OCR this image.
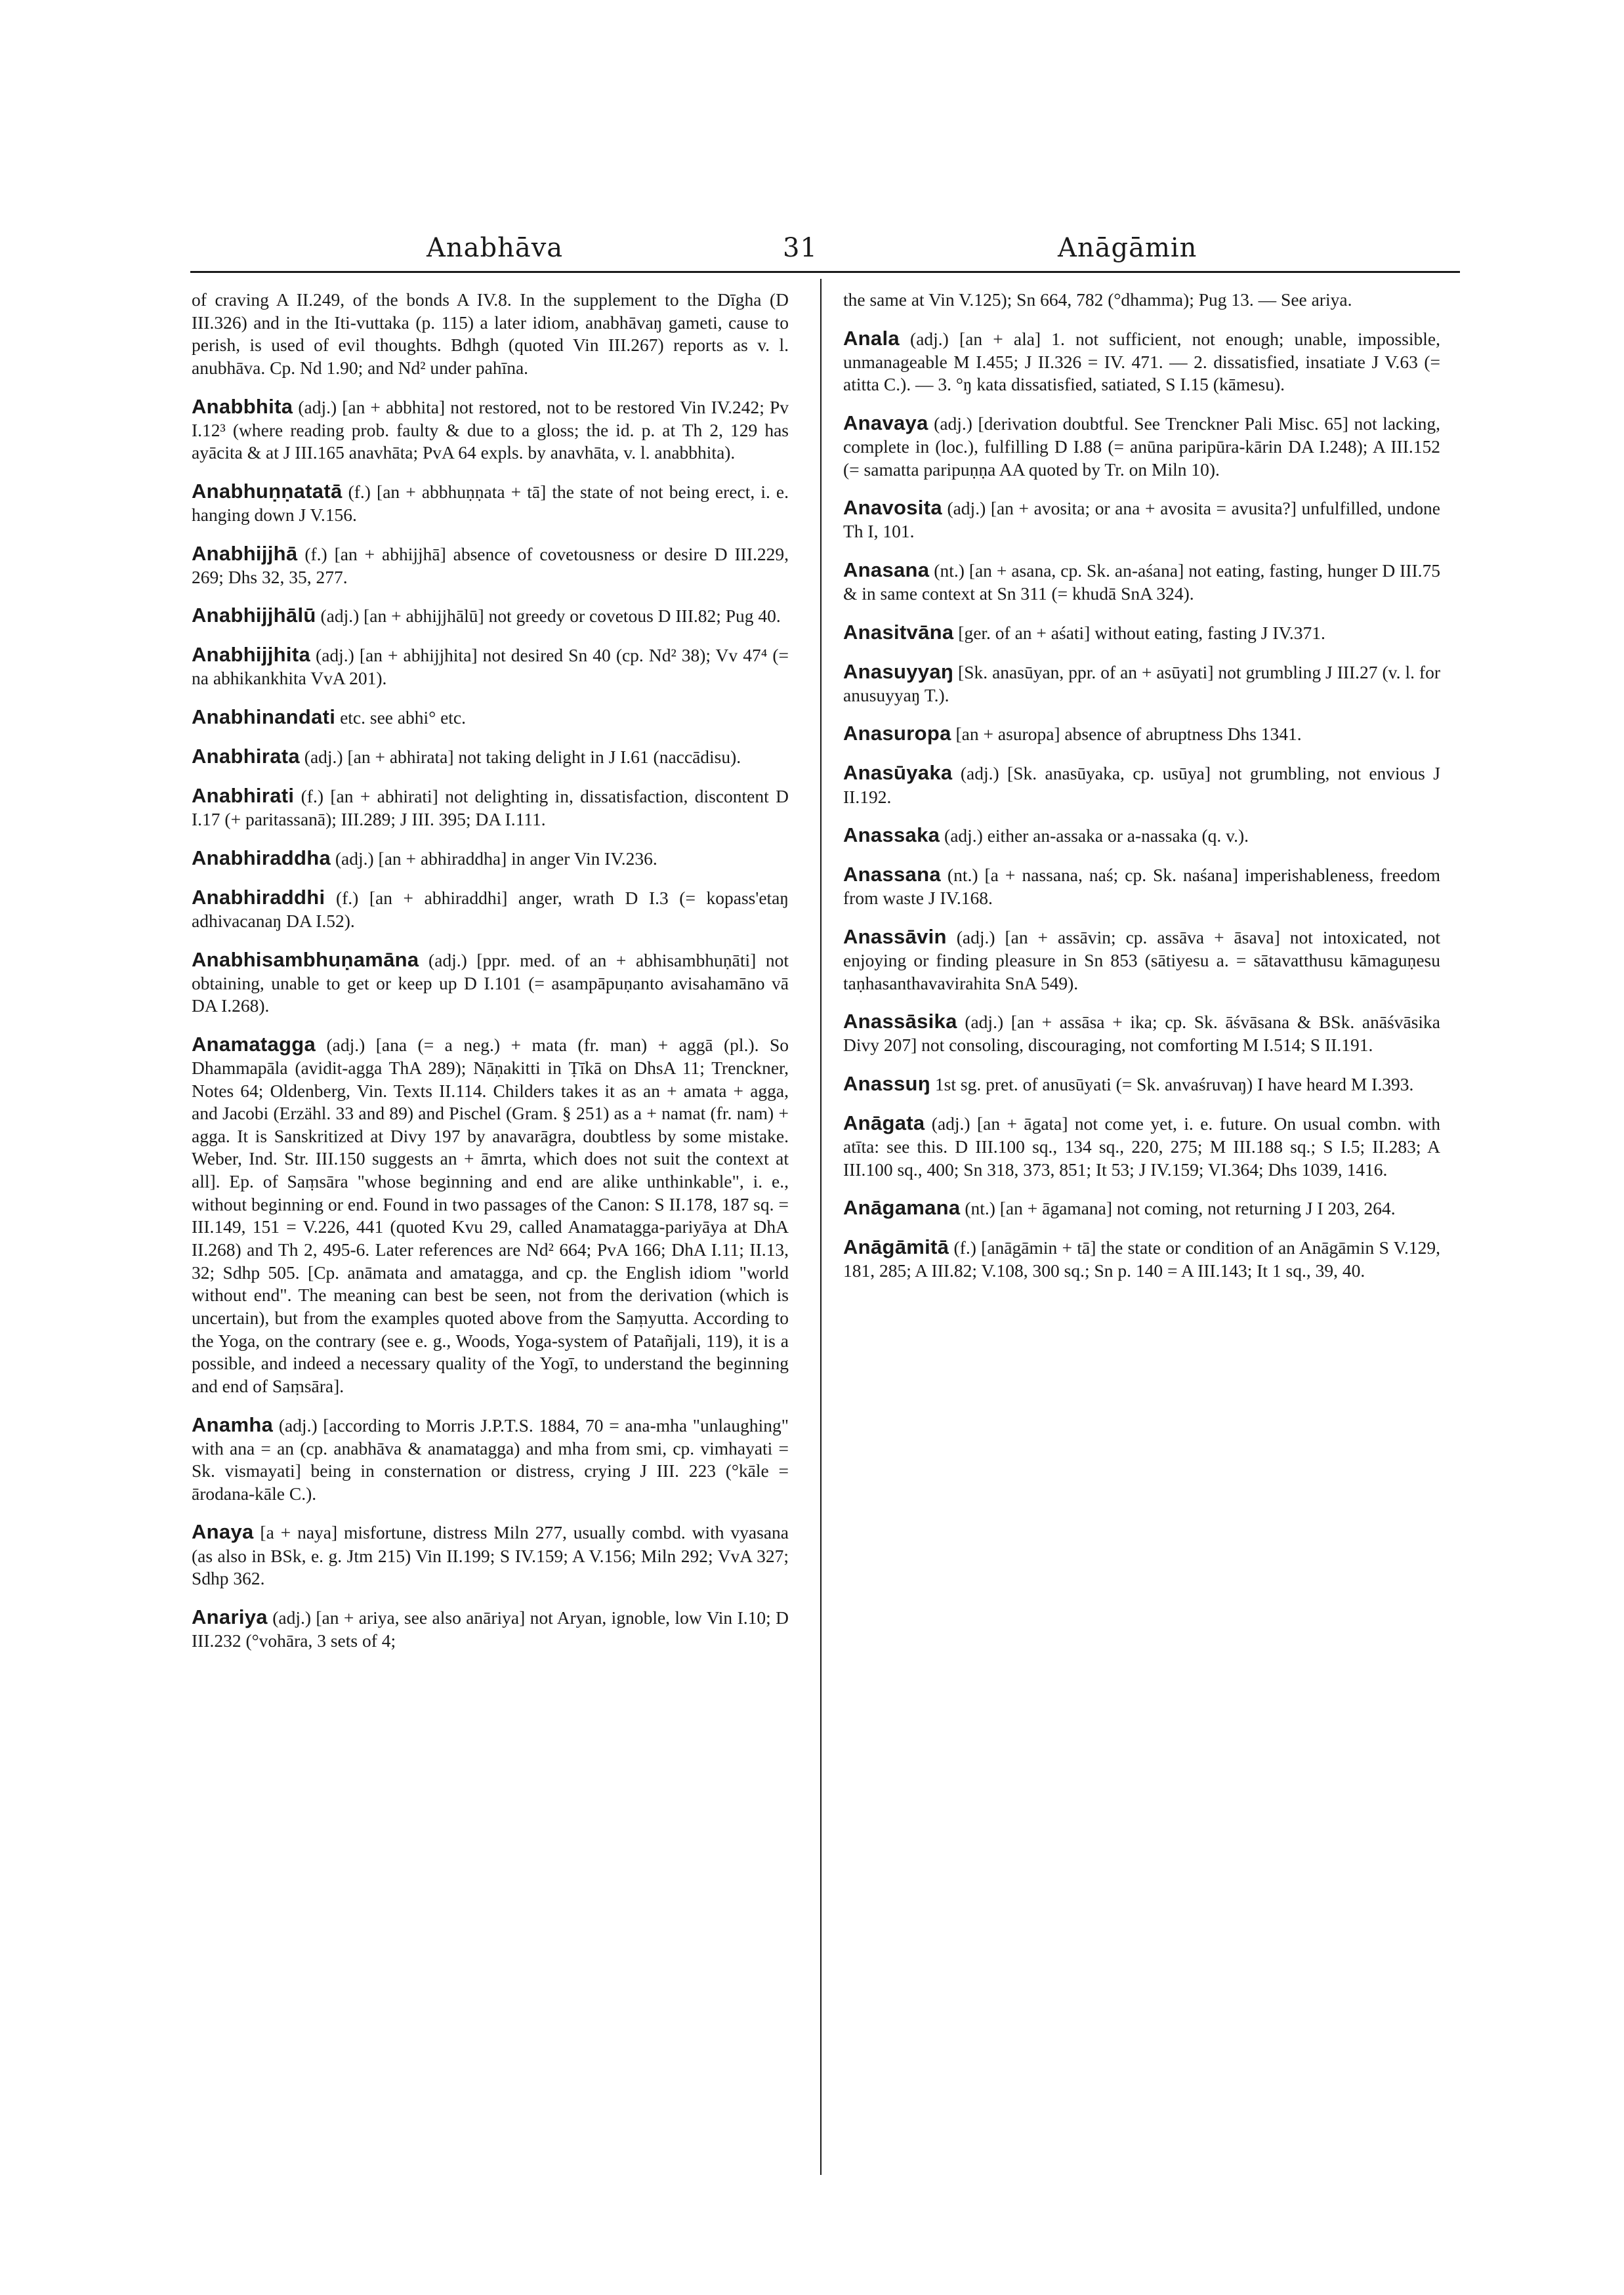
Anabhāva	31	Anāgāmin

of craving A II.249, of the bonds A IV.8. In the supplement to the Dīgha (D III.326) and in the Iti-vuttaka (p. 115) a later idiom, anabhāvaŋ gameti, cause to perish, is used of evil thoughts. Bdhgh (quoted Vin III.267) reports as v. l. anubhāva. Cp. Nd 1.90; and Nd² under pahīna.

Anabbhita (adj.) [an + abbhita] not restored, not to be restored Vin IV.242; Pv I.12³ (where reading prob. faulty & due to a gloss; the id. p. at Th 2, 129 has ayācita & at J III.165 anavhāta; PvA 64 expls. by anavhāta, v. l. anabbhita).

Anabhuṇṇatatā (f.) [an + abbhuṇṇata + tā] the state of not being erect, i. e. hanging down J V.156.

Anabhijjhā (f.) [an + abhijjhā] absence of covetousness or desire D III.229, 269; Dhs 32, 35, 277.

Anabhijjhālū (adj.) [an + abhijjhālū] not greedy or covetous D III.82; Pug 40.

Anabhijjhita (adj.) [an + abhijjhita] not desired Sn 40 (cp. Nd² 38); Vv 47⁴ (= na abhikankhita VvA 201).

Anabhinandati etc. see abhi° etc.

Anabhirata (adj.) [an + abhirata] not taking delight in J I.61 (naccādisu).

Anabhirati (f.) [an + abhirati] not delighting in, dissatisfaction, discontent D I.17 (+ paritassanā); III.289; J III. 395; DA I.111.

Anabhiraddha (adj.) [an + abhiraddha] in anger Vin IV.236.

Anabhiraddhi (f.) [an + abhiraddhi] anger, wrath D I.3 (= kopass'etaŋ adhivacanaŋ DA I.52).

Anabhisambhuṇamāna (adj.) [ppr. med. of an + abhisambhuṇāti] not obtaining, unable to get or keep up D I.101 (= asampāpuṇanto avisahamāno vā DA I.268).

Anamatagga (adj.) [ana (= a neg.) + mata (fr. man) + aggā (pl.). So Dhammapāla (avidit-agga ThA 289); Nāṇakitti in Ṭīkā on DhsA 11; Trenckner, Notes 64; Oldenberg, Vin. Texts II.114. Childers takes it as an + amata + agga, and Jacobi (Erzähl. 33 and 89) and Pischel (Gram. § 251) as a + namat (fr. nam) + agga. It is Sanskritized at Divy 197 by anavarāgra, doubtless by some mistake. Weber, Ind. Str. III.150 suggests an + āmrta, which does not suit the context at all]. Ep. of Saṃsāra "whose beginning and end are alike unthinkable", i. e., without beginning or end. Found in two passages of the Canon: S II.178, 187 sq. = III.149, 151 = V.226, 441 (quoted Kvu 29, called Anamatagga-pariyāya at DhA II.268) and Th 2, 495-6. Later references are Nd² 664; PvA 166; DhA I.11; II.13, 32; Sdhp 505. [Cp. anāmata and amatagga, and cp. the English idiom "world without end". The meaning can best be seen, not from the derivation (which is uncertain), but from the examples quoted above from the Saṃyutta. According to the Yoga, on the contrary (see e. g., Woods, Yoga-system of Patañjali, 119), it is a possible, and indeed a necessary quality of the Yogī, to understand the beginning and end of Saṃsāra].

Anamha (adj.) [according to Morris J.P.T.S. 1884, 70 = ana-mha "unlaughing" with ana = an (cp. anabhāva & anamatagga) and mha from smi, cp. vimhayati = Sk. vismayati] being in consternation or distress, crying J III. 223 (°kāle = ārodana-kāle C.).

Anaya [a + naya] misfortune, distress Miln 277, usually combd. with vyasana (as also in BSk, e. g. Jtm 215) Vin II.199; S IV.159; A V.156; Miln 292; VvA 327; Sdhp 362.

Anariya (adj.) [an + ariya, see also anāriya] not Aryan, ignoble, low Vin I.10; D III.232 (°vohāra, 3 sets of 4;

the same at Vin V.125); Sn 664, 782 (°dhamma); Pug 13. — See ariya.

Anala (adj.) [an + ala] 1. not sufficient, not enough; unable, impossible, unmanageable M I.455; J II.326 = IV. 471. — 2. dissatisfied, insatiate J V.63 (= atitta C.). — 3. °ŋ kata dissatisfied, satiated, S I.15 (kāmesu).

Anavaya (adj.) [derivation doubtful. See Trenckner Pali Misc. 65] not lacking, complete in (loc.), fulfilling D I.88 (= anūna paripūra-kārin DA I.248); A III.152 (= samatta paripuṇṇa AA quoted by Tr. on Miln 10).

Anavosita (adj.) [an + avosita; or ana + avosita = avusita?] unfulfilled, undone Th I, 101.

Anasana (nt.) [an + asana, cp. Sk. an-aśana] not eating, fasting, hunger D III.75 & in same context at Sn 311 (= khudā SnA 324).

Anasitvāna [ger. of an + aśati] without eating, fasting J IV.371.

Anasuyyaŋ [Sk. anasūyan, ppr. of an + asūyati] not grumbling J III.27 (v. l. for anusuyyaŋ T.).

Anasuropa [an + asuropa] absence of abruptness Dhs 1341.

Anasūyaka (adj.) [Sk. anasūyaka, cp. usūya] not grumbling, not envious J II.192.

Anassaka (adj.) either an-assaka or a-nassaka (q. v.).

Anassana (nt.) [a + nassana, naś; cp. Sk. naśana] imperishableness, freedom from waste J IV.168.

Anassāvin (adj.) [an + assāvin; cp. assāva + āsava] not intoxicated, not enjoying or finding pleasure in Sn 853 (sātiyesu a. = sātavatthusu kāmaguṇesu taṇhasanthavavirahita SnA 549).

Anassāsika (adj.) [an + assāsa + ika; cp. Sk. āśvāsana & BSk. anāśvāsika Divy 207] not consoling, discouraging, not comforting M I.514; S II.191.

Anassuŋ 1st sg. pret. of anusūyati (= Sk. anvaśruvaŋ) I have heard M I.393.

Anāgata (adj.) [an + āgata] not come yet, i. e. future. On usual combn. with atīta: see this. D III.100 sq., 134 sq., 220, 275; M III.188 sq.; S I.5; II.283; A III.100 sq., 400; Sn 318, 373, 851; It 53; J IV.159; VI.364; Dhs 1039, 1416.

Anāgamana (nt.) [an + āgamana] not coming, not returning J I 203, 264.

Anāgāmitā (f.) [anāgāmin + tā] the state or condition of an Anāgāmin S V.129, 181, 285; A III.82; V.108, 300 sq.; Sn p. 140 = A III.143; It 1 sq., 39, 40.
